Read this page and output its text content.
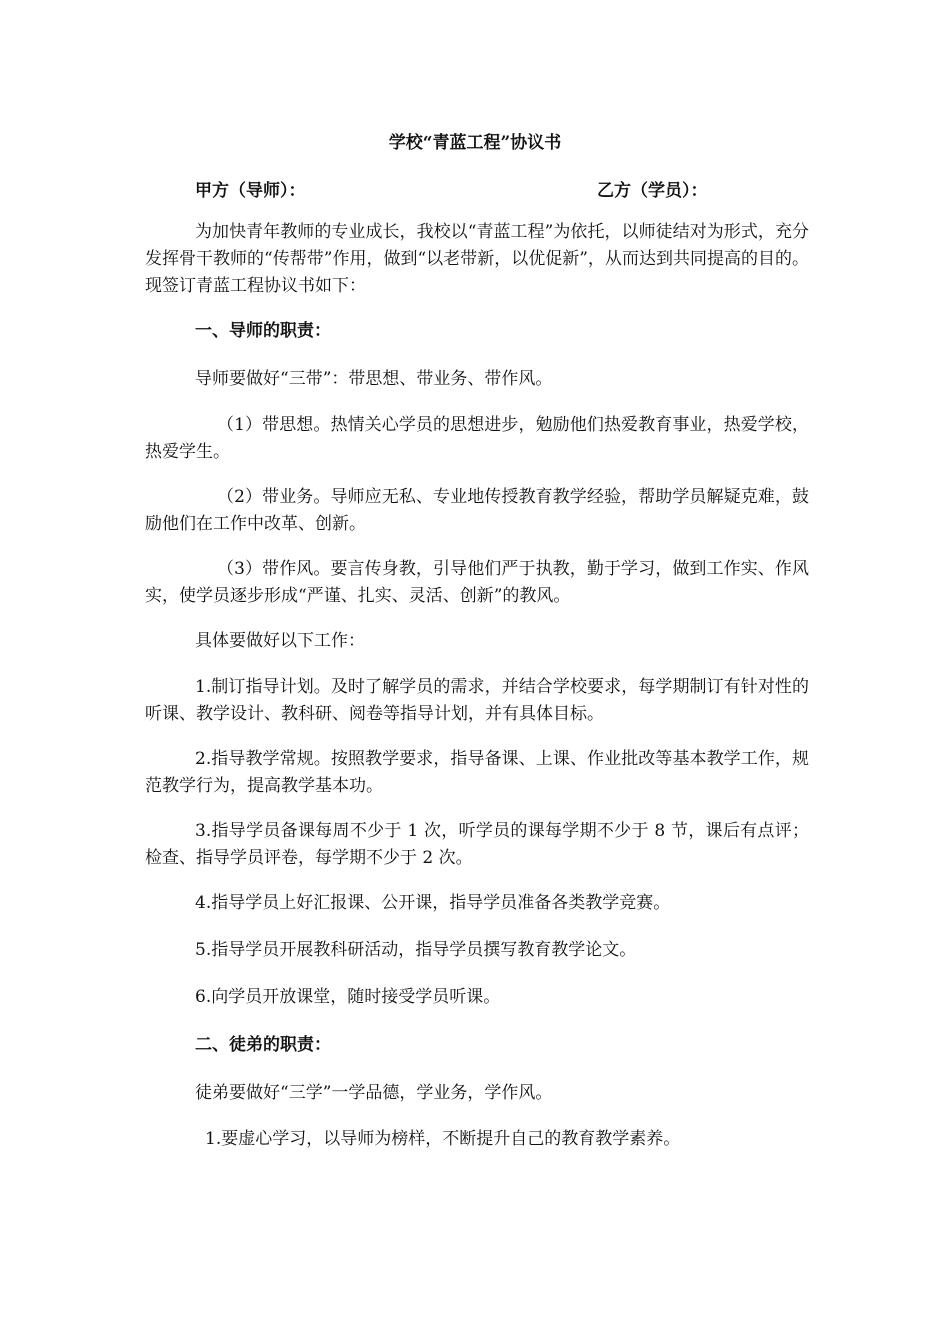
学校“青蓝工程”协议书

甲方（导师）：	乙方（学员）：

为加快青年教师的专业成长，我校以“青蓝工程”为依托，以师徒结对为形式，充分发挥骨干教师的“传帮带”作用，做到“以老带新，以优促新”，从而达到共同提高的目的。现签订青蓝工程协议书如下：

一、导师的职责：

导师要做好“三带”：带思想、带业务、带作风。

（1）带思想。热情关心学员的思想进步，勉励他们热爱教育事业，热爱学校，热爱学生。

（2）带业务。导师应无私、专业地传授教育教学经验，帮助学员解疑克难，鼓励他们在工作中改革、创新。

（3）带作风。要言传身教，引导他们严于执教，勤于学习，做到工作实、作风实，使学员逐步形成“严谨、扎实、灵活、创新”的教风。

具体要做好以下工作：

1.制订指导计划。及时了解学员的需求，并结合学校要求，每学期制订有针对性的听课、教学设计、教科研、阅卷等指导计划，并有具体目标。

2.指导教学常规。按照教学要求，指导备课、上课、作业批改等基本教学工作，规范教学行为，提高教学基本功。

3.指导学员备课每周不少于 1 次，听学员的课每学期不少于 8 节，课后有点评；检查、指导学员评卷，每学期不少于 2 次。

4.指导学员上好汇报课、公开课，指导学员准备各类教学竞赛。

5.指导学员开展教科研活动，指导学员撰写教育教学论文。

6.向学员开放课堂，随时接受学员听课。

二、徒弟的职责：

徒弟要做好“三学”一学品德，学业务，学作风。

1.要虚心学习，以导师为榜样，不断提升自己的教育教学素养。
